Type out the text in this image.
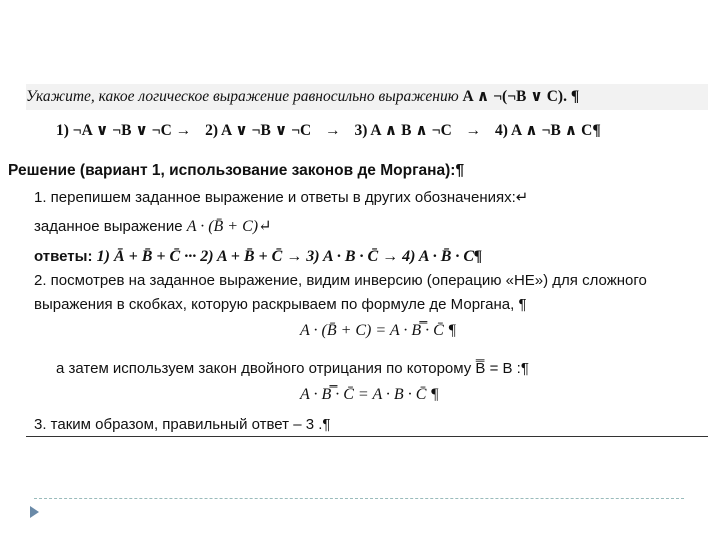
Укажите, какое логическое выражение равносильно выражению A ∧ ¬(¬B ∨ C). ¶
1) ¬A ∨ ¬B ∨ ¬C → 2) A ∨ ¬B ∨ ¬C → 3) A ∧ B ∧ ¬C → 4) A ∧ ¬B ∧ C¶
Решение (вариант 1, использование законов де Моргана):¶
1. перепишем заданное выражение и ответы в других обозначениях:↵
заданное выражение A · (B̄ + C)↵
ответы: 1) Ā + B̄ + C̄ ··· 2) A + B̄ + C̄ → 3) A · B · C̄ → 4) A · B̄ · C¶
2. посмотрев на заданное выражение, видим инверсию (операцию «НЕ») для сложного
выражения в скобках, которую раскрываем по формуле де Моргана, ¶
A · (B̄ + C) = A · B̿ · C̄ ¶
а затем используем закон двойного отрицания по которому B̿ = B :¶
A · B̿ · C̄ = A · B · C̄ ¶
3. таким образом, правильный ответ – 3 .¶
